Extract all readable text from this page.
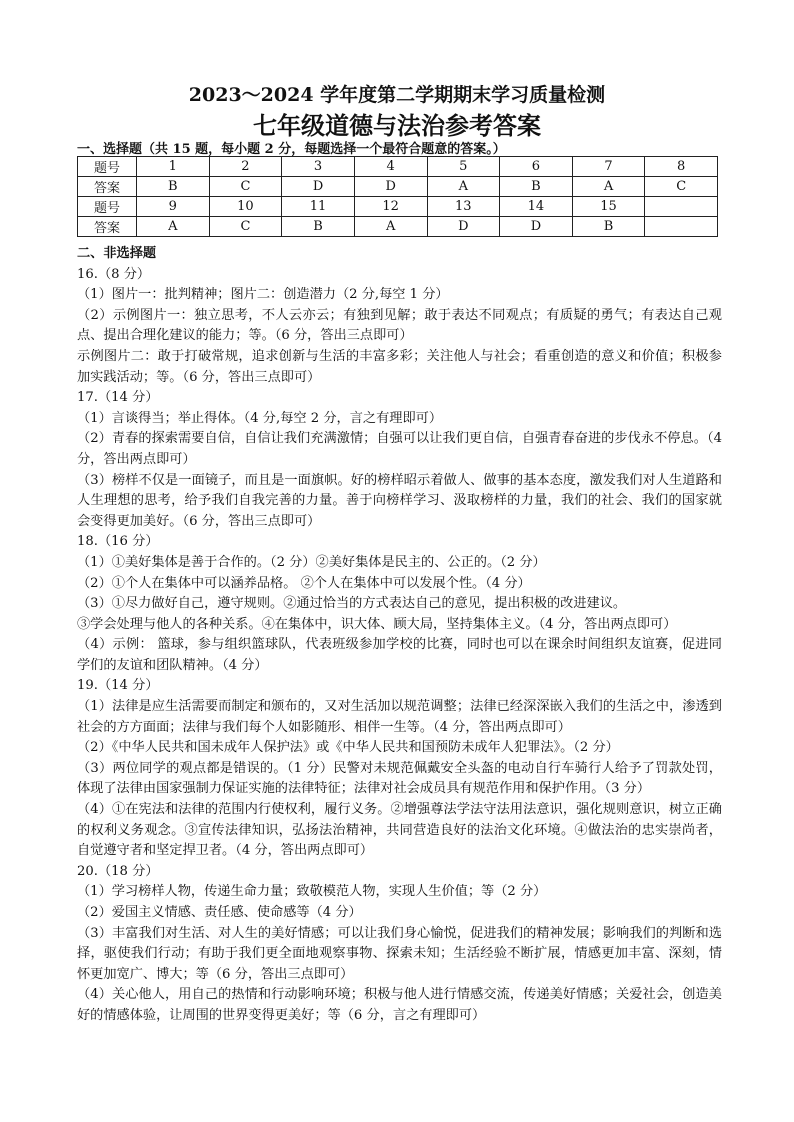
2023～2024 学年度第二学期期末学习质量检测
七年级道德与法治参考答案
一、选择题（共 15 题，每小题 2 分，每题选择一个最符合题意的答案。）
题号	1	2	3	4	5	6	7	8
答案	B	C	D	D	A	B	A	C
题号	9	10	11	12	13	14	15	
答案	A	C	B	A	D	D	B	

二、非选择题

16.（8 分）

（1）图片一：批判精神；图片二：创造潜力（2 分,每空 1 分）

（2）示例图片一：独立思考，不人云亦云；有独到见解；敢于表达不同观点；有质疑的勇气；有表达自己观点、提出合理化建议的能力；等。（6 分，答出三点即可）

示例图片二：敢于打破常规，追求创新与生活的丰富多彩；关注他人与社会；看重创造的意义和价值；积极参加实践活动；等。（6 分，答出三点即可）

17.（14 分）

（1）言谈得当；举止得体。（4 分,每空 2 分，言之有理即可）

（2）青春的探索需要自信，自信让我们充满激情；自强可以让我们更自信，自强青春奋进的步伐永不停息。（4 分，答出两点即可）

（3）榜样不仅是一面镜子，而且是一面旗帜。好的榜样昭示着做人、做事的基本态度，激发我们对人生道路和人生理想的思考，给予我们自我完善的力量。善于向榜样学习、汲取榜样的力量，我们的社会、我们的国家就会变得更加美好。（6 分，答出三点即可）

18.（16 分）

（1）①美好集体是善于合作的。（2 分）②美好集体是民主的、公正的。（2 分）

（2）①个人在集体中可以涵养品格。 ②个人在集体中可以发展个性。（4 分）

（3）①尽力做好自己，遵守规则。②通过恰当的方式表达自己的意见，提出积极的改进建议。

③学会处理与他人的各种关系。④在集体中，识大体、顾大局，坚持集体主义。（4 分，答出两点即可）

（4）示例： 篮球，参与组织篮球队，代表班级参加学校的比赛，同时也可以在课余时间组织友谊赛，促进同学们的友谊和团队精神。（4 分）

19.（14 分）

（1）法律是应生活需要而制定和颁布的，又对生活加以规范调整；法律已经深深嵌入我们的生活之中，渗透到社会的方方面面；法律与我们每个人如影随形、相伴一生等。（4 分，答出两点即可）

（2）《中华人民共和国未成年人保护法》或《中华人民共和国预防未成年人犯罪法》。（2 分）

（3）两位同学的观点都是错误的。（1 分）民警对未规范佩戴安全头盔的电动自行车骑行人给予了罚款处罚，体现了法律由国家强制力保证实施的法律特征；法律对社会成员具有规范作用和保护作用。（3 分）

（4）①在宪法和法律的范围内行使权利，履行义务。②增强尊法学法守法用法意识，强化规则意识，树立正确的权利义务观念。③宣传法律知识，弘扬法治精神，共同营造良好的法治文化环境。④做法治的忠实崇尚者，自觉遵守者和坚定捍卫者。（4 分，答出两点即可）

20.（18 分）

（1）学习榜样人物，传递生命力量；致敬模范人物，实现人生价值；等（2 分）

（2）爱国主义情感、责任感、使命感等（4 分）

（3）丰富我们对生活、对人生的美好情感；可以让我们身心愉悦，促进我们的精神发展；影响我们的判断和选择，驱使我们行动；有助于我们更全面地观察事物、探索未知；生活经验不断扩展，情感更加丰富、深刻，情怀更加宽广、博大；等（6 分，答出三点即可）

（4）关心他人，用自己的热情和行动影响环境；积极与他人进行情感交流，传递美好情感；关爱社会，创造美好的情感体验，让周围的世界变得更美好；等（6 分，言之有理即可）
